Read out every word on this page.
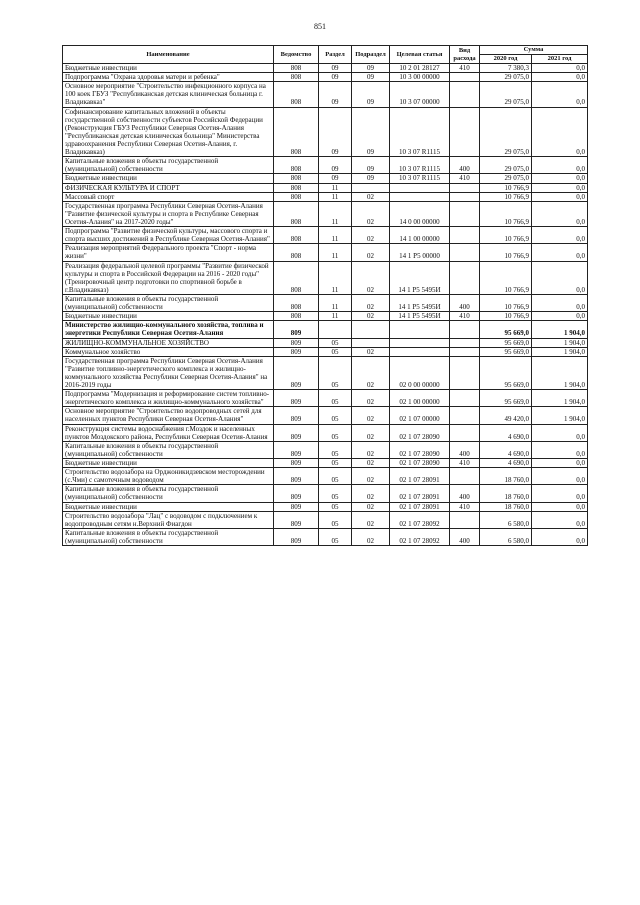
851
Наименование	Ведомство	Раздел	Подраздел	Целевая статья	Вид расхода	Сумма	
						2020 год	2021 год
Бюджетные инвестиции	808	09	09	10 2 01 28127	410	7 380,3	0,0
Подпрограмма "Охрана здоровья матери и ребенка"	808	09	09	10 3 00 00000		29 075,0	0,0
Основное мероприятие "Строительство инфекционного корпуса на 100 коек ГБУЗ "Республиканская детская клиническая больница г. Владикавказ"	808	09	09	10 3 07 00000		29 075,0	0,0
Софинансирование капитальных вложений в объекты государственной собственности субъектов Российской Федерации (Реконструкция ГБУЗ Республики Северная Осетия-Алания "Республиканская детская клиническая больница" Министерства здравоохранения Республики Северная Осетия-Алания, г. Владикавказ)	808	09	09	10 3 07 R1115		29 075,0	0,0
Капитальные вложения в объекты государственной (муниципальной) собственности	808	09	09	10 3 07 R1115	400	29 075,0	0,0
Бюджетные инвестиции	808	09	09	10 3 07 R1115	410	29 075,0	0,0
ФИЗИЧЕСКАЯ КУЛЬТУРА И СПОРТ	808	11				10 766,9	0,0
Массовый спорт	808	11	02			10 766,9	0,0
Государственная программа Республики Северная Осетия-Алания "Развитие физической культуры и спорта в Республике Северная Осетия-Алания" на 2017-2020 годы"	808	11	02	14 0 00 00000		10 766,9	0,0
Подпрограмма "Развитие физической культуры, массового спорта и спорта высших достижений в Республике Северная Осетия-Алания"	808	11	02	14 1 00 00000		10 766,9	0,0
Реализация мероприятий Федерального проекта "Спорт - норма жизни"	808	11	02	14 1 P5 00000		10 766,9	0,0
Реализация федеральной целевой программы "Развитие физической культуры и спорта в Российской Федерации на 2016 - 2020 годы"(Тренировочный центр подготовки по спортивной борьбе в г.Владикавказ)	808	11	02	14 1 P5 5495И		10 766,9	0,0
Капитальные вложения в объекты государственной (муниципальной) собственности	808	11	02	14 1 P5 5495И	400	10 766,9	0,0
Бюджетные инвестиции	808	11	02	14 1 P5 5495И	410	10 766,9	0,0
Министерство жилищно-коммунального хозяйства, топлива и энергетики Республики Северная Осетия-Алания	809					95 669,0	1 904,0
ЖИЛИЩНО-КОММУНАЛЬНОЕ ХОЗЯЙСТВО	809	05				95 669,0	1 904,0
Коммунальное хозяйство	809	05	02			95 669,0	1 904,0
Государственная программа Республики Северная Осетия-Алания "Развитие топливно-энергетического комплекса и жилищно-коммунального хозяйства Республики Северная Осетия-Алания" на 2016-2019 годы	809	05	02	02 0 00 00000		95 669,0	1 904,0
Подпрограмма "Модернизация и реформирование систем топливно-энергетического комплекса и жилищно-коммунального хозяйства"	809	05	02	02 1 00 00000		95 669,0	1 904,0
Основное мероприятие "Строительство водопроводных сетей для населенных пунктов Республики Северная Осетия-Алания"	809	05	02	02 1 07 00000		49 420,0	1 904,0
Реконструкция системы водоснабжения г.Моздок и населенных пунктов Моздокского района, Республики Северная Осетия-Алания	809	05	02	02 1 07 28090		4 690,0	0,0
Капитальные вложения в объекты государственной (муниципальной) собственности	809	05	02	02 1 07 28090	400	4 690,0	0,0
Бюджетные инвестиции	809	05	02	02 1 07 28090	410	4 690,0	0,0
Строительство водозабора на Орджоникидзевском месторождении (с.Чми) с самотечным водоводом	809	05	02	02 1 07 28091		18 760,0	0,0
Капитальные вложения в объекты государственной (муниципальной) собственности	809	05	02	02 1 07 28091	400	18 760,0	0,0
Бюджетные инвестиции	809	05	02	02 1 07 28091	410	18 760,0	0,0
Строительство водозабора "Лац" с водоводом с подключением к водопроводным сетям н.Верхний Фиагдон	809	05	02	02 1 07 28092		6 580,0	0,0
Капитальные вложения в объекты государственной (муниципальной) собственности	809	05	02	02 1 07 28092	400	6 580,0	0,0
